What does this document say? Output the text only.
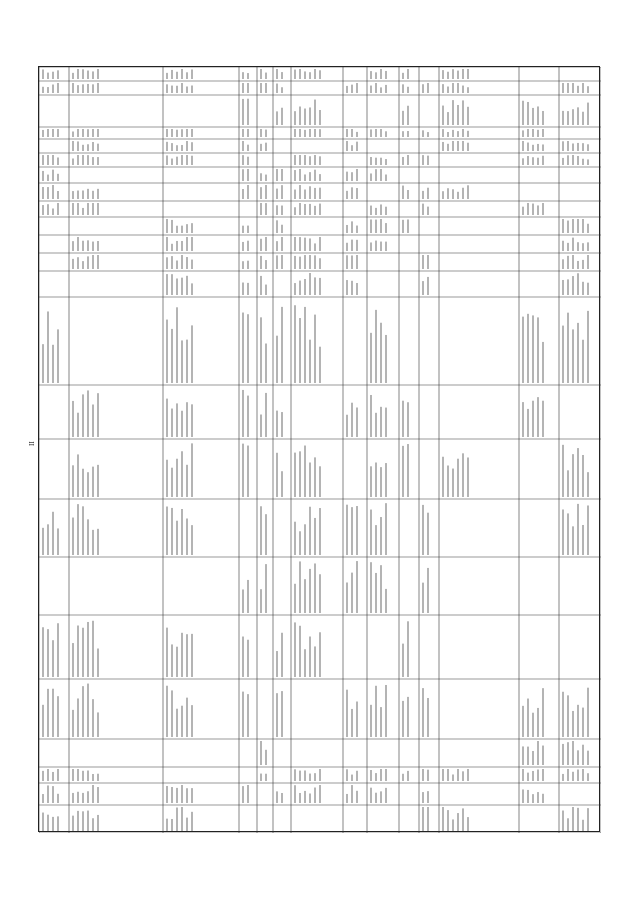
II
